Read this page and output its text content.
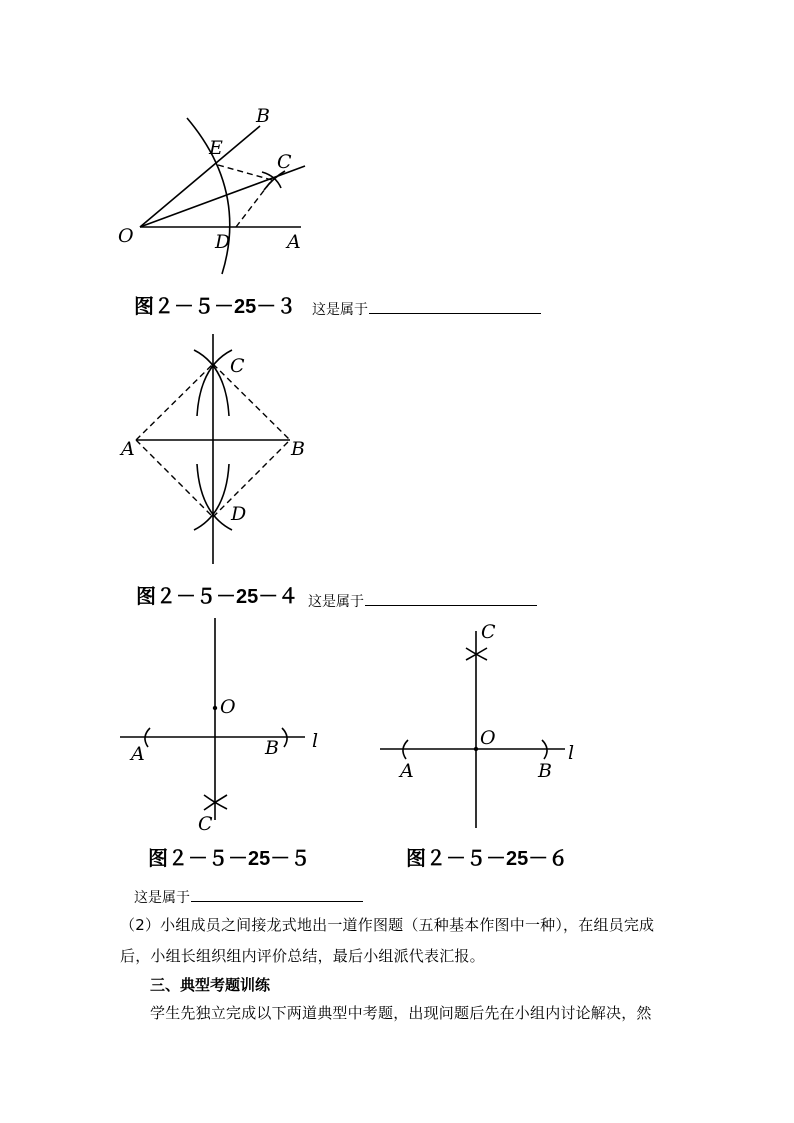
O	D	A
E
B
C
图２－５－25－３ 这是属于
A	B
C
D
图２－５－25－４ 这是属于
O
A	B l
C
C
O
A	B
l
图２－５－25－５	图２－５－25－６
这是属于
（2）小组成员之间接龙式地出一道作图题（五种基本作图中一种），在组员完成
后，小组长组织组内评价总结，最后小组派代表汇报。
三、典型考题训练
学生先独立完成以下两道典型中考题，出现问题后先在小组内讨论解决，然
